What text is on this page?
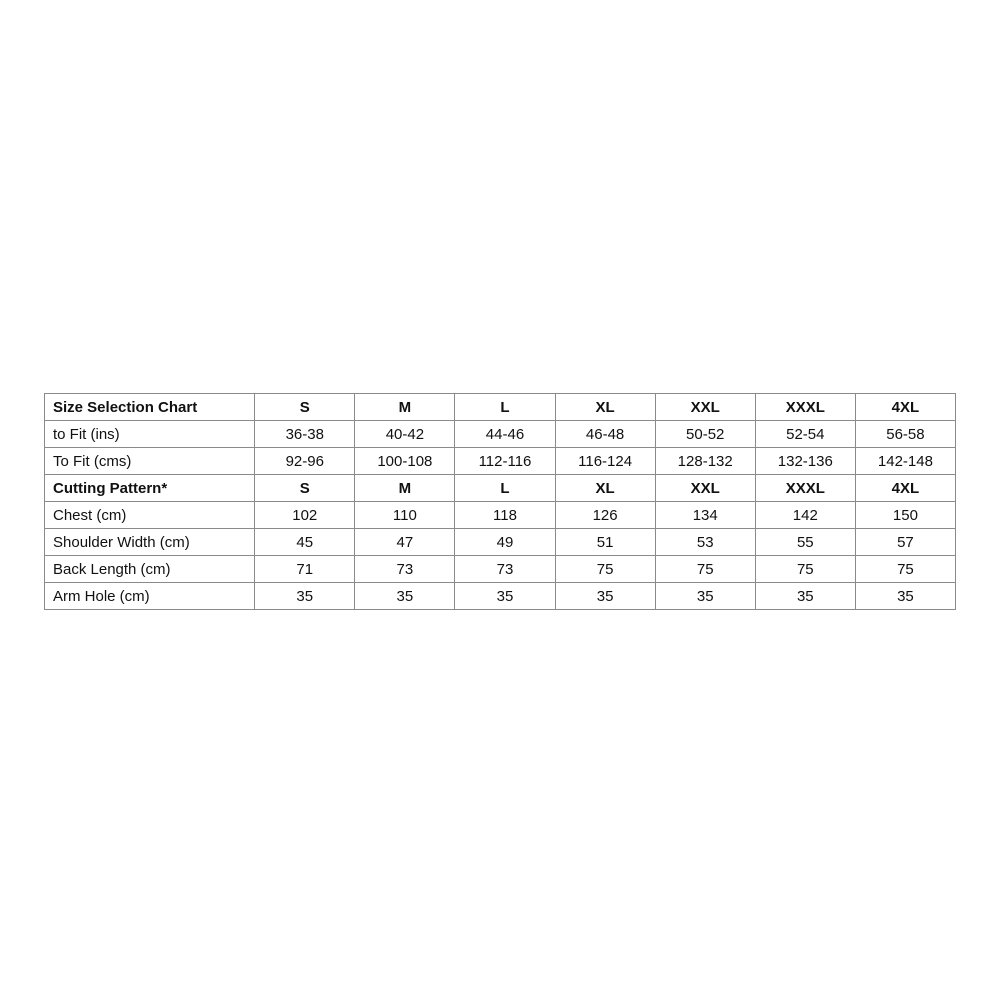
Size Selection Chart	S	M	L	XL	XXL	XXXL	4XL
to Fit (ins)	36-38	40-42	44-46	46-48	50-52	52-54	56-58
To Fit (cms)	92-96	100-108	112-116	116-124	128-132	132-136	142-148
Cutting Pattern*	S	M	L	XL	XXL	XXXL	4XL
Chest (cm)	102	110	118	126	134	142	150
Shoulder Width (cm)	45	47	49	51	53	55	57
Back Length (cm)	71	73	73	75	75	75	75
Arm Hole (cm)	35	35	35	35	35	35	35
